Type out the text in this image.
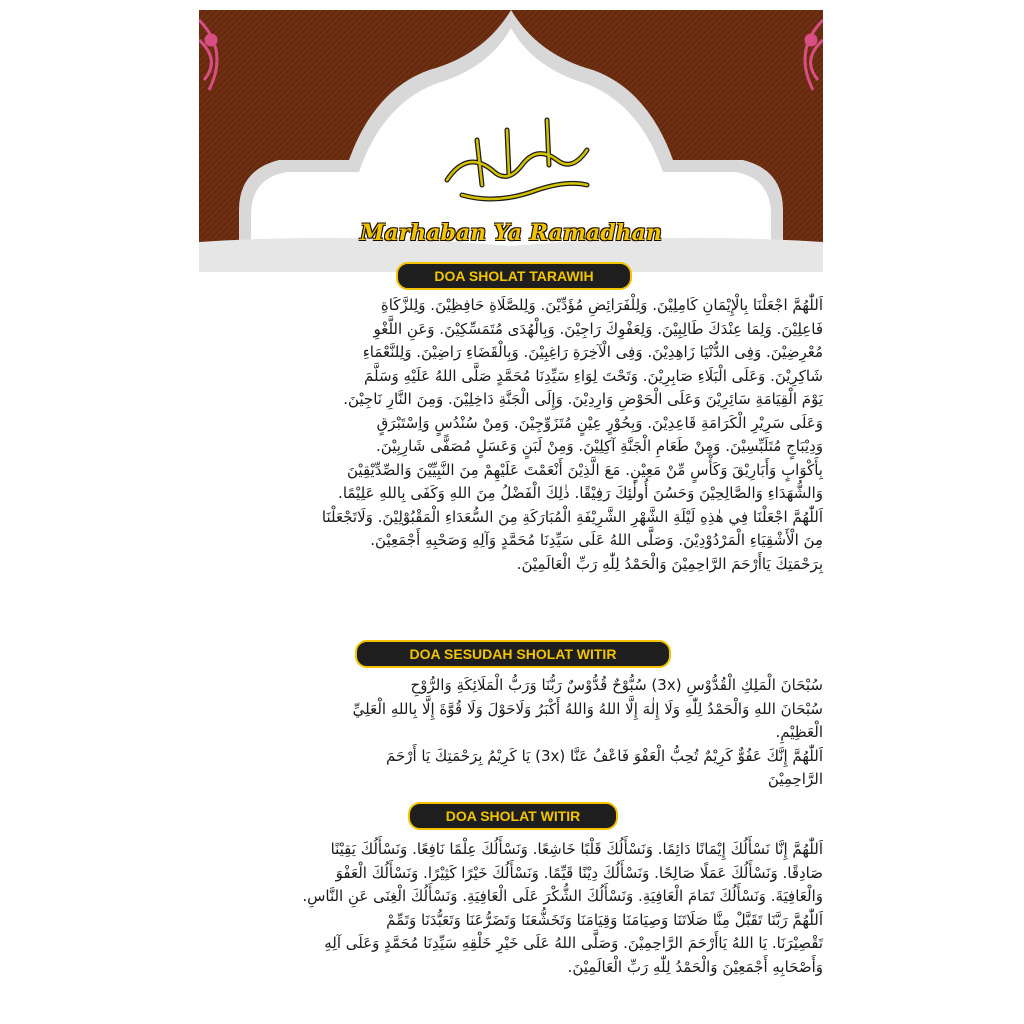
رمضان كريم
Marhaban Ya Ramadhan
DOA SHOLAT TARAWIH

اَللّٰهُمَّ اجْعَلْنَا بِالْإِيْمَانِ كَامِلِيْنَ. وَلِلْفَرَائِضِ مُؤَدِّيْنَ. وَلِلصَّلَاةِ حَافِظِيْنَ. وَلِلزَّكَاةِ

فَاعِلِيْنَ. وَلِمَا عِنْدَكَ طَالِبِيْنَ. وَلِعَفْوِكَ رَاجِيْنَ. وَبِالْهُدَى مُتَمَسِّكِيْنَ. وَعَنِ اللَّغْوِ

مُعْرِضِيْنَ. وَفِى الدُّنْيَا زَاهِدِيْنَ. وَفِى الْآخِرَةِ رَاغِبِيْنَ. وَبِالْقَضَاءِ رَاضِيْنَ. وَلِلنَّعْمَاءِ

شَاكِرِيْنَ. وَعَلَى الْبَلَاءِ صَابِرِيْنَ. وَتَحْتَ لِوَاءِ سَيِّدِنَا مُحَمَّدٍ صَلَّى اللهُ عَلَيْهِ وَسَلَّمَ

يَوْمَ الْقِيَامَةِ سَائِرِيْنَ وَعَلَى الْحَوْضِ وَارِدِيْنَ. وَإِلَى الْجَنَّةِ دَاخِلِيْنَ. وَمِنَ النَّارِ نَاجِيْنَ.

وَعَلَى سَرِيْرِ الْكَرَامَةِ قَاعِدِيْنَ. وَبِحُوْرٍ عِيْنٍ مُتَزَوِّجِيْنَ. وَمِنْ سُنْدُسٍ وَاِسْتَبْرَقٍ

وَدِيْبَاجٍ مُتَلَبِّسِيْنَ. وَمِنْ طَعَامِ الْجَنَّةِ آكِلِيْنَ. وَمِنْ لَبَنٍ وَعَسَلٍ مُصَفًّى شَارِبِيْنَ.

بِأَكْوَابٍ وَأَبَارِيْقَ وَكَأْسٍ مِّنْ مَعِيْنٍ. مَعَ الَّذِيْنَ أَنْعَمْتَ عَلَيْهِمْ مِنَ النَّبِيِّيْنَ وَالصِّدِّيْقِيْنَ

وَالشُّهَدَاءِ وَالصَّالِحِيْنَ وَحَسُنَ أُولٰئِكَ رَفِيْقًا. ذٰلِكَ الْفَضْلُ مِنَ اللهِ وَكَفَى بِاللهِ عَلِيْمًا.

اَللّٰهُمَّ اجْعَلْنَا فِي هٰذِهِ لَيْلَةِ الشَّهْرِ الشَّرِيْفَةِ الْمُبَارَكَةِ مِنَ السُّعَدَاءِ الْمَقْبُوْلِيْنَ. وَلَاتَجْعَلْنَا

مِنَ الْأَشْقِيَاءِ الْمَرْدُوْدِيْنَ. وَصَلَّى اللهُ عَلَى سَيِّدِنَا مُحَمَّدٍ وَآلِهِ وَصَحْبِهِ أَجْمَعِيْنَ.

بِرَحْمَتِكَ يَاأَرْحَمَ الرَّاحِمِيْنَ وَالْحَمْدُ لِلّٰهِ رَبِّ الْعَالَمِيْنَ.

DOA SESUDAH SHOLAT WITIR

سُبْحَانَ الْمَلِكِ الْقُدُّوْسِ (3x) سُبُّوْحٌ قُدُّوْسٌ رَبُّنَا وَرَبُّ الْمَلَائِكَةِ وَالرُّوْحِ

سُبْحَانَ اللهِ وَالْحَمْدُ لِلّٰهِ وَلَا إِلٰهَ إِلَّا اللهُ وَاللهُ أَكْبَرُ وَلَاحَوْلَ وَلَا قُوَّةَ إِلَّا بِاللهِ الْعَلِيِّ

الْعَظِيْمِ.

اَللّٰهُمَّ إِنَّكَ عَفُوٌّ كَرِيْمٌ تُحِبُّ الْعَفْوَ فَاعْفُ عَنَّا (3x) يَا كَرِيْمُ بِرَحْمَتِكَ يَا أَرْحَمَ

الرَّاحِمِيْنَ

DOA SHOLAT WITIR

اَللّٰهُمَّ إِنَّا نَسْأَلُكَ إِيْمَانًا دَائِمًا. وَنَسْأَلُكَ قَلْبًا خَاشِعًا. وَنَسْأَلُكَ عِلْمًا نَافِعًا. وَنَسْأَلُكَ يَقِيْنًا

صَادِقًا. وَنَسْأَلُكَ عَمَلًا صَالِحًا. وَنَسْأَلُكَ دِيْنًا قَيِّمًا. وَنَسْأَلُكَ خَيْرًا كَثِيْرًا. وَنَسْأَلُكَ الْعَفْوَ

وَالْعَافِيَةَ. وَنَسْأَلُكَ تَمَامَ الْعَافِيَةِ. وَنَسْأَلُكَ الشُّكْرَ عَلَى الْعَافِيَةِ. وَنَسْأَلُكَ الْغِنَى عَنِ النَّاسِ.

اَللّٰهُمَّ رَبَّنَا تَقَبَّلْ مِنَّا صَلَاتَنَا وَصِيَامَنَا وَقِيَامَنَا وَتَخَشُّعَنَا وَتَضَرُّعَنَا وَتَعَبُّدَنَا وَتَمِّمْ

تَقْصِيْرَنَا. يَا اللهُ يَاأَرْحَمَ الرَّاحِمِيْنَ. وَصَلَّى اللهُ عَلَى خَيْرِ خَلْقِهِ سَيِّدِنَا مُحَمَّدٍ وَعَلَى آلِهِ

وَأَصْحَابِهِ أَجْمَعِيْنَ وَالْحَمْدُ لِلّٰهِ رَبِّ الْعَالَمِيْنَ.
